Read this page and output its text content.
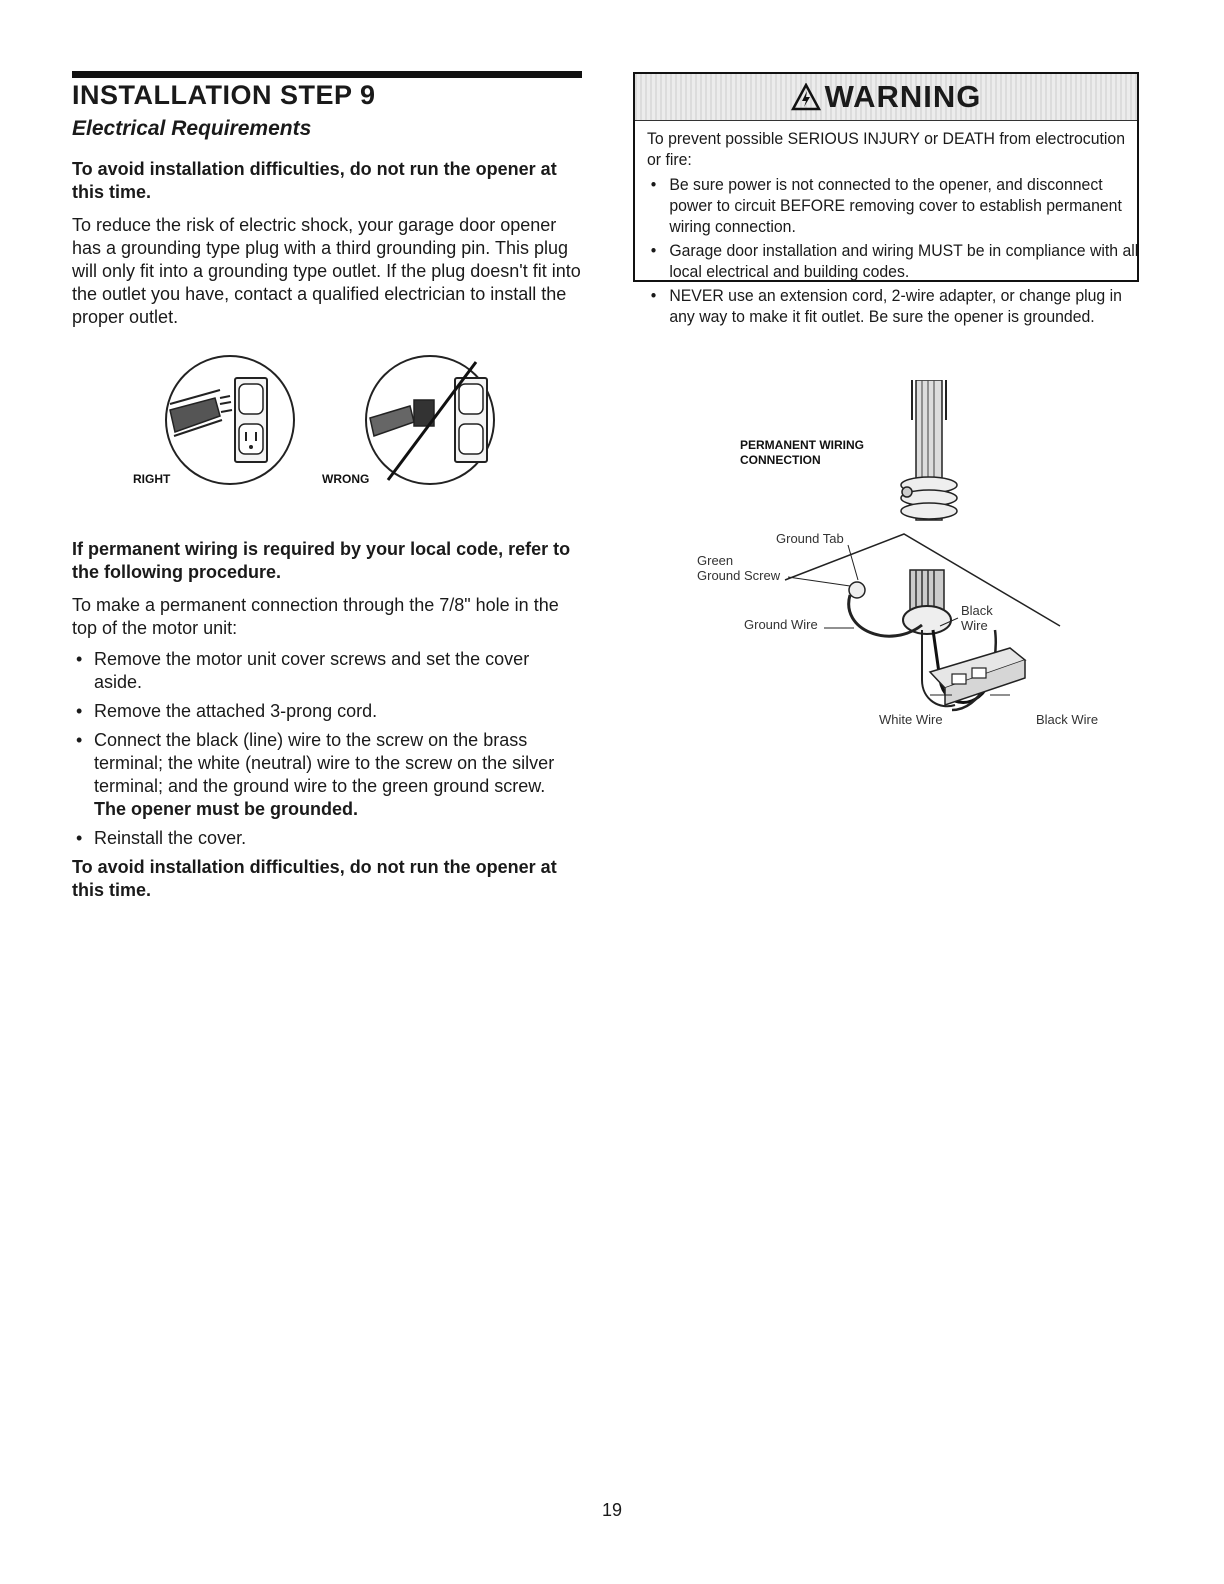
INSTALLATION STEP 9
Electrical Requirements

To avoid installation difficulties, do not run the opener at this time.

To reduce the risk of electric shock, your garage door opener has a grounding type plug with a third grounding pin. This plug will only fit into a grounding type outlet. If the plug doesn't fit into the outlet you have, contact a qualified electrician to install the proper outlet.

RIGHT	WRONG

If permanent wiring is required by your local code, refer to the following procedure.

To make a permanent connection through the 7/8" hole in the top of the motor unit:

• Remove the motor unit cover screws and set the cover aside.
• Remove the attached 3-prong cord.
• Connect the black (line) wire to the screw on the brass terminal; the white (neutral) wire to the screw on the silver terminal; and the ground wire to the green ground screw. The opener must be grounded.
• Reinstall the cover.

To avoid installation difficulties, do not run the opener at this time.

WARNING

To prevent possible SERIOUS INJURY or DEATH from electrocution or fire:

• Be sure power is not connected to the opener, and disconnect power to circuit BEFORE removing cover to establish permanent wiring connection.
• Garage door installation and wiring MUST be in compliance with all local electrical and building codes.
• NEVER use an extension cord, 2-wire adapter, or change plug in any way to make it fit outlet. Be sure the opener is grounded.
PERMANENT WIRING
CONNECTION
Ground Tab
Green
Ground Screw
Ground Wire
Black
Wire
White Wire	Black Wire
19
